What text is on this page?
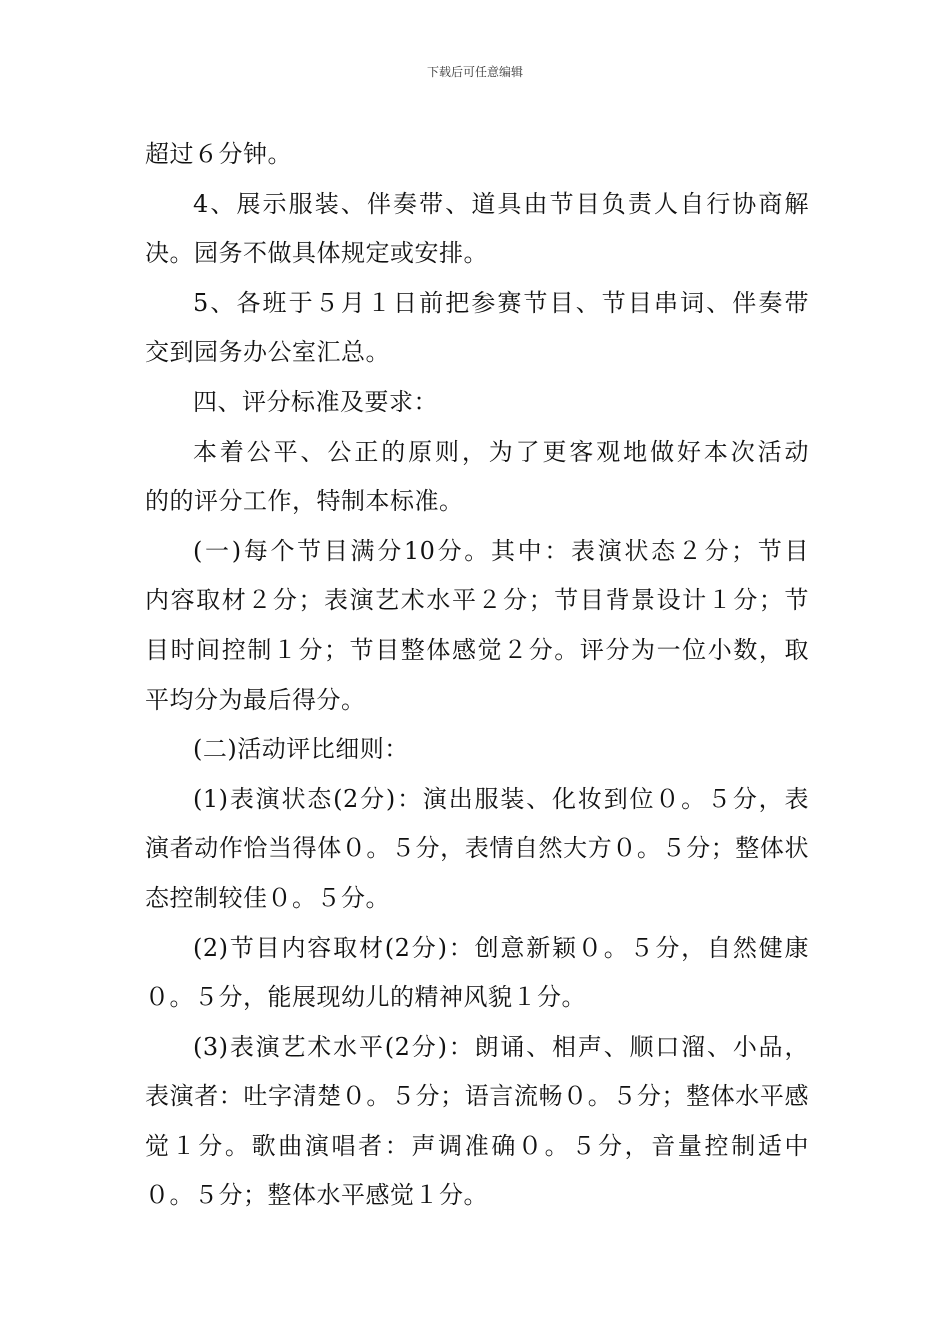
下载后可任意编辑

超过６分钟。

4、展示服装、伴奏带、道具由节目负责人自行协商解
决。园务不做具体规定或安排。

5、各班于５月１日前把参赛节目、节目串词、伴奏带
交到园务办公室汇总。

四、评分标准及要求：

本着公平、公正的原则，为了更客观地做好本次活动
的的评分工作，特制本标准。

(一)每个节目满分10分。其中：表演状态２分；节目
内容取材２分；表演艺术水平２分；节目背景设计１分；节
目时间控制１分；节目整体感觉２分。评分为一位小数，取
平均分为最后得分。

(二)活动评比细则：

(1)表演状态(2分)：演出服装、化妆到位０。５分，表
演者动作恰当得体０。５分，表情自然大方０。５分；整体状
态控制较佳０。５分。

(2)节目内容取材(2分)：创意新颖０。５分，自然健康
０。５分，能展现幼儿的精神风貌１分。

(3)表演艺术水平(2分)：朗诵、相声、顺口溜、小品，
表演者：吐字清楚０。５分；语言流畅０。５分；整体水平感
觉１分。歌曲演唱者：声调准确０。５分，音量控制适中
０。５分；整体水平感觉１分。
